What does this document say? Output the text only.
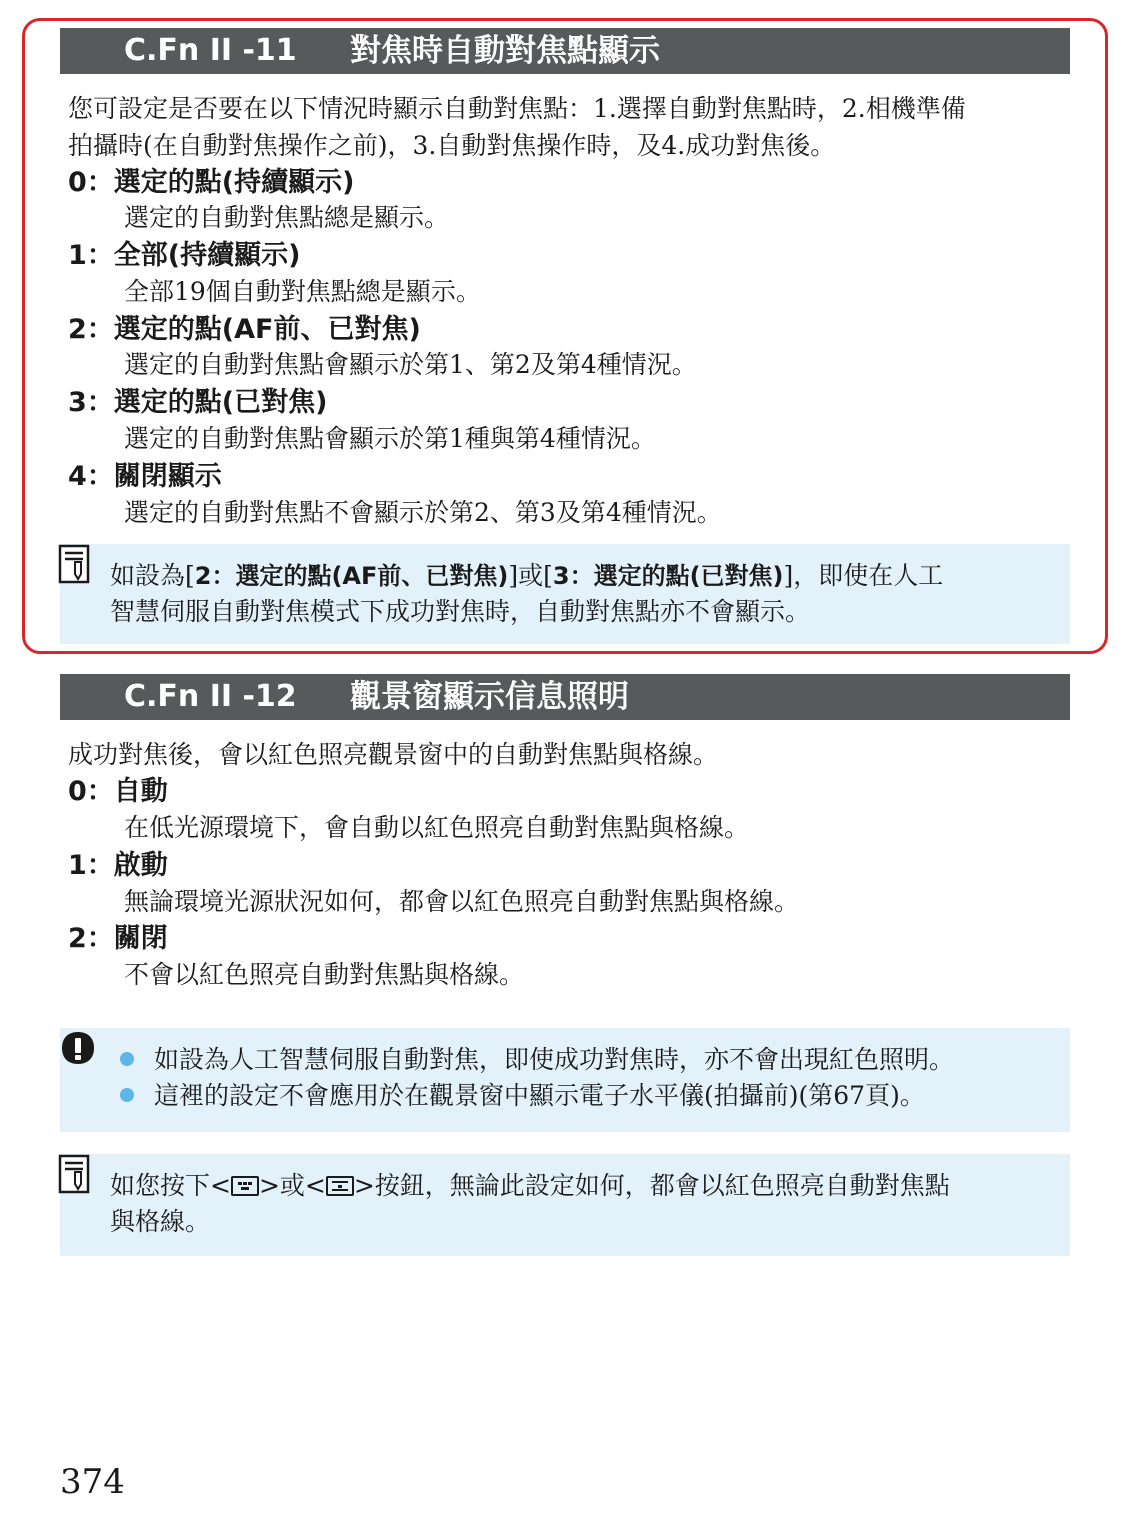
C.Fn II -11 對焦時自動對焦點顯示
您可設定是否要在以下情況時顯示自動對焦點：1.選擇自動對焦點時，2.相機準備
拍攝時(在自動對焦操作之前)，3.自動對焦操作時，及4.成功對焦後。
0：選定的點(持續顯示)
選定的自動對焦點總是顯示。
1：全部(持續顯示)
全部19個自動對焦點總是顯示。
2：選定的點(AF前、已對焦)
選定的自動對焦點會顯示於第1、第2及第4種情況。
3：選定的點(已對焦)
選定的自動對焦點會顯示於第1種與第4種情況。
4：關閉顯示
選定的自動對焦點不會顯示於第2、第3及第4種情況。
如設為[2：選定的點(AF前、已對焦)]或[3：選定的點(已對焦)]，即使在人工
智慧伺服自動對焦模式下成功對焦時，自動對焦點亦不會顯示。
C.Fn II -12 觀景窗顯示信息照明
成功對焦後，會以紅色照亮觀景窗中的自動對焦點與格線。
0：自動
在低光源環境下，會自動以紅色照亮自動對焦點與格線。
1：啟動
無論環境光源狀況如何，都會以紅色照亮自動對焦點與格線。
2：關閉
不會以紅色照亮自動對焦點與格線。
如設為人工智慧伺服自動對焦，即使成功對焦時，亦不會出現紅色照明。
這裡的設定不會應用於在觀景窗中顯示電子水平儀(拍攝前)(第67頁)。
如您按下< >或< >按鈕，無論此設定如何，都會以紅色照亮自動對焦點
與格線。
374
